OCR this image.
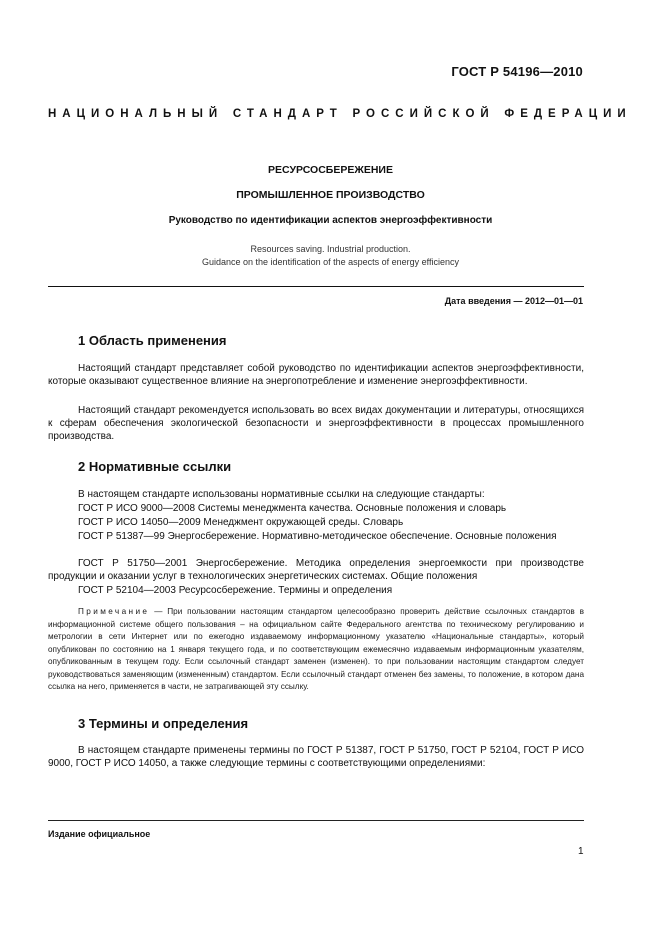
ГОСТ Р 54196—2010
НАЦИОНАЛЬНЫЙ СТАНДАРТ РОССИЙСКОЙ ФЕДЕРАЦИИ
РЕСУРСОСБЕРЕЖЕНИЕ
ПРОМЫШЛЕННОЕ ПРОИЗВОДСТВО
Руководство по идентификации аспектов энергоэффективности
Resources saving. Industrial production.
Guidance on the identification of the aspects of energy efficiency
Дата введения — 2012—01—01
1 Область применения
Настоящий стандарт представляет собой руководство по идентификации аспектов энергоэффективности, которые оказывают существенное влияние на энергопотребление и изменение энергоэффективности.
Настоящий стандарт рекомендуется использовать во всех видах документации и литературы, относящихся к сферам обеспечения экологической безопасности и энергоэффективности в процессах промышленного производства.
2 Нормативные ссылки
В настоящем стандарте использованы нормативные ссылки на следующие стандарты:
ГОСТ Р ИСО 9000—2008 Системы менеджмента качества. Основные положения и словарь
ГОСТ Р ИСО 14050—2009 Менеджмент окружающей среды. Словарь
ГОСТ Р 51387—99 Энергосбережение. Нормативно-методическое обеспечение. Основные положения
ГОСТ Р 51750—2001 Энергосбережение. Методика определения энергоемкости при производстве продукции и оказании услуг в технологических энергетических системах. Общие положения
ГОСТ Р 52104—2003 Ресурсосбережение. Термины и определения
Примечание — При пользовании настоящим стандартом целесообразно проверить действие ссылочных стандартов в информационной системе общего пользования – на официальном сайте Федерального агентства по техническому регулированию и метрологии в сети Интернет или по ежегодно издаваемому информационному указателю «Национальные стандарты», который опубликован по состоянию на 1 января текущего года, и по соответствующим ежемесячно издаваемым информационным указателям, опубликованным в текущем году. Если ссылочный стандарт заменен (изменен). то при пользовании настоящим стандартом следует руководствоваться заменяющим (измененным) стандартом. Если ссылочный стандарт отменен без замены, то положение, в котором дана ссылка на него, применяется в части, не затрагивающей эту ссылку.
3 Термины и определения
В настоящем стандарте применены термины по ГОСТ Р 51387, ГОСТ Р 51750, ГОСТ Р 52104, ГОСТ Р ИСО 9000, ГОСТ Р ИСО 14050, а также следующие термины с соответствующими определениями:
Издание официальное
1
